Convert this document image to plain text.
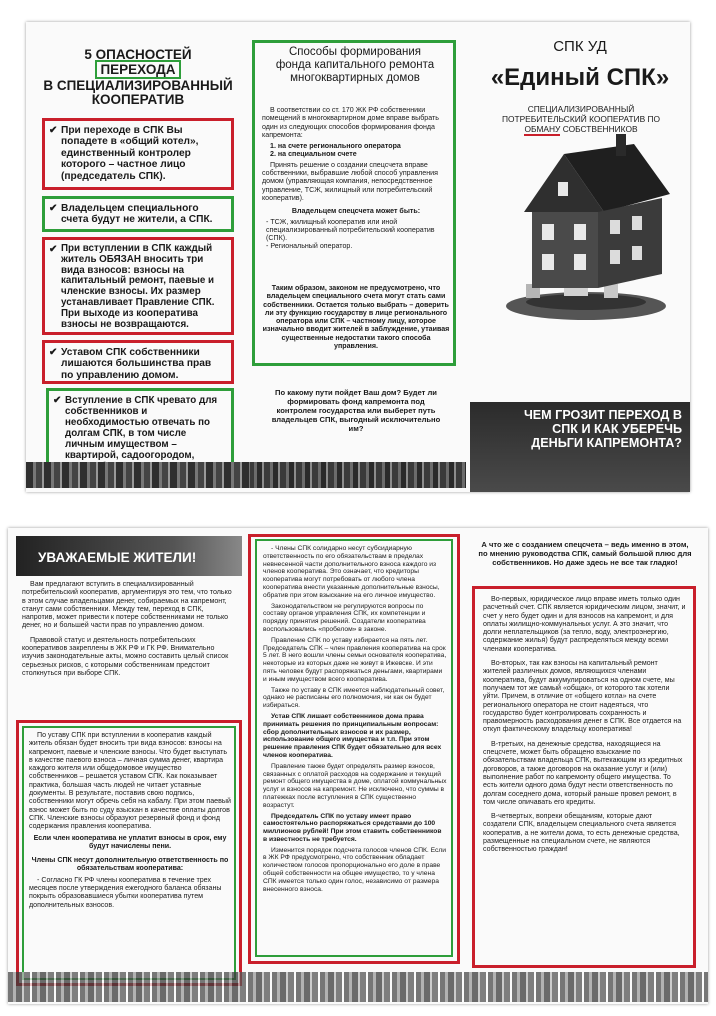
5 ОПАСНОСТЕЙ
ПЕРЕХОДА
В СПЕЦИАЛИЗИРОВАННЫЙ
КООПЕРАТИВ
✔ При переходе в СПК Вы попадете в «общий котел», единственный контролер которого – частное лицо (председатель СПК).
✔ Владельцем специального счета будут не жители, а СПК.
✔ При вступлении в СПК каждый житель ОБЯЗАН вносить три вида взносов: взносы на капитальный ремонт, паевые и членские взносы. Их размер устанавливает Правление СПК. При выходе из кооператива взносы не возвращаются.
✔ Уставом СПК собственники лишаются большинства прав по управлению домом.
✔ Вступление в СПК чревато для собственников и необходимостью отвечать по долгам СПК, в том числе личным имуществом – квартирой, садоогородом,
Способы формирования фонда капитального ремонта многоквартирных домов

В соответствии со ст. 170 ЖК РФ собственники помещений в многоквартирном доме вправе выбрать один из следующих способов формирования фонда капремонта:

1. на счете регионального оператора
2. на специальном счете

Принять решение о создании спецсчета вправе собственники, выбравшие любой способ управления домом (управляющая компания, непосредственное управление, ТСЖ, жилищный или потребительский кооператив).

Владельцем спецсчета может быть:
- ТСЖ, жилищный кооператив или иной специализированный потребительский кооператив (СПК).
- Региональный оператор.
Таким образом, законом не предусмотрено, что владельцем специального счета могут стать сами собственники. Остается только выбрать – доверить ли эту функцию государству в лице регионального оператора или СПК – частному лицу, которое изначально вводит жителей в заблуждение, утаивая существенные недостатки такого способа управления.
По какому пути пойдет Ваш дом? Будет ли формировать фонд капремонта под контролем государства или выберет путь владельцев СПК, выгодный исключительно им?
СПК УД
«Единый СПК»
СПЕЦИАЛИЗИРОВАННЫЙ ПОТРЕБИТЕЛЬСКИЙ КООПЕРАТИВ ПО ОБМАНУ СОБСТВЕННИКОВ
ЧЕМ ГРОЗИТ ПЕРЕХОД В СПК И КАК УБЕРЕЧЬ ДЕНЬГИ КАПРЕМОНТА?
УВАЖАЕМЫЕ ЖИТЕЛИ!

Вам предлагают вступить в специализированный потребительский кооператив, аргументируя это тем, что только в этом случае владельцами денег, собираемых на капремонт, станут сами собственники. Между тем, переход в СПК, напротив, может привести к потере собственниками не только денег, но и большей части прав по управлению домом.

Правовой статус и деятельность потребительских кооперативов закреплены в ЖК РФ и ГК РФ. Внимательно изучив законодательные акты, можно составить целый список серьезных рисков, с которыми собственникам предстоит столкнуться при выборе СПК.

По уставу СПК при вступлении в кооператив каждый житель обязан будет вносить три вида взносов: взносы на капремонт, паевые и членские взносы. Что будет выступать в качестве паевого взноса – личная сумма денег, квартира каждого жителя или общедомовое имущество собственников – решается уставом СПК. Как показывает практика, большая часть людей не читает уставные документы. В результате, поставив свою подпись, собственники могут обречь себя на кабалу. При этом паевый взнос может быть по суду взыскан в качестве оплаты долгов СПК. Членские взносы образуют резервный фонд и фонд содержания правления кооператива.

Если член кооператива не уплатит взносы в срок, ему будут начислены пени.

Члены СПК несут дополнительную ответственность по обязательствам кооператива:

- Согласно ГК РФ члены кооператива в течение трех месяцев после утверждения ежегодного баланса обязаны покрыть образовавшиеся убытки кооператива путем дополнительных взносов.

- Члены СПК солидарно несут субсидиарную ответственность по его обязательствам в пределах невнесенной части дополнительного взноса каждого из членов кооператива. Это означает, что кредиторы кооператива могут потребовать от любого члена кооператива внести указанные дополнительные взносы, обратив при этом взыскание на его личное имущество.

Законодательством не регулируются вопросы по составу органов управления СПК, их компетенции и порядку принятия решений. Создатели кооператива воспользовались «пробелом» в законе.

Правление СПК по уставу избирается на пять лет. Председатель СПК – член правления кооператива на срок 5 лет. В него вошли члены семьи основателя кооператива, некоторые из которых даже не живут в Ижевске. И эти пять человек будут распоряжаться деньгами, квартирами и иным имуществом всего кооператива.

Также по уставу в СПК имеется наблюдательный совет, однако не расписаны его полномочия, ни как он будет избираться.

Устав СПК лишает собственников дома права принимать решения по принципиальным вопросам: сбор дополнительных взносов и их размер, использование общего имущества и т.п. При этом решение правления СПК будет обязательно для всех членов кооператива.

Правление также будет определять размер взносов, связанных с оплатой расходов на содержание и текущий ремонт общего имущества в доме, оплатой коммунальных услуг и взносов на капремонт. Не исключено, что суммы в платежках после вступления в СПК существенно возрастут.

Председатель СПК по уставу имеет право самостоятельно распоряжаться средствами до 100 миллионов рублей! При этом ставить собственников в известность не требуется.

Изменится порядок подсчета голосов членов СПК. Если в ЖК РФ предусмотрено, что собственник обладает количеством голосов пропорционально его доле в праве общей собственности на общее имущество, то у члена СПК имеется только один голос, независимо от размера внесенного взноса.

А что же с созданием спецсчета – ведь именно в этом, по мнению руководства СПК, самый большой плюс для собственников. Но даже здесь не все так гладко!

Во-первых, юридическое лицо вправе иметь только один расчетный счет. СПК является юридическим лицом, значит, и счет у него будет один и для взносов на капремонт, и для оплаты жилищно-коммунальных услуг. А это значит, что долги неплательщиков (за тепло, воду, электроэнергию, содержание жилья) будут распределяться между всеми членами кооператива.

Во-вторых, так как взносы на капитальный ремонт жителей различных домов, являющихся членами кооператива, будут аккумулироваться на одном счете, мы получаем тот же самый «общак», от которого так хотели уйти. Причем, в отличие от «общего котла» на счете регионального оператора не стоит надеяться, что государство будет контролировать сохранность и правомерность расходования денег в СПК. Все отдается на откуп фактическому владельцу кооператива!

В-третьих, на денежные средства, находящиеся на спецсчете, может быть обращено взыскание по обязательствам владельца СПК, вытекающим из кредитных договоров, а также договоров на оказание услуг и (или) выполнение работ по капремонту общего имущества. То есть жители одного дома будут нести ответственность по долгам соседнего дома, который раньше провел ремонт, в том числе опичавать его кредиты.

В-четвертых, вопреки обещаниям, которые дают создатели СПК, владельцем специального счета является кооператив, а не жители дома, то есть денежные средства, размещенные на специальном счете, не являются собственностью граждан!
